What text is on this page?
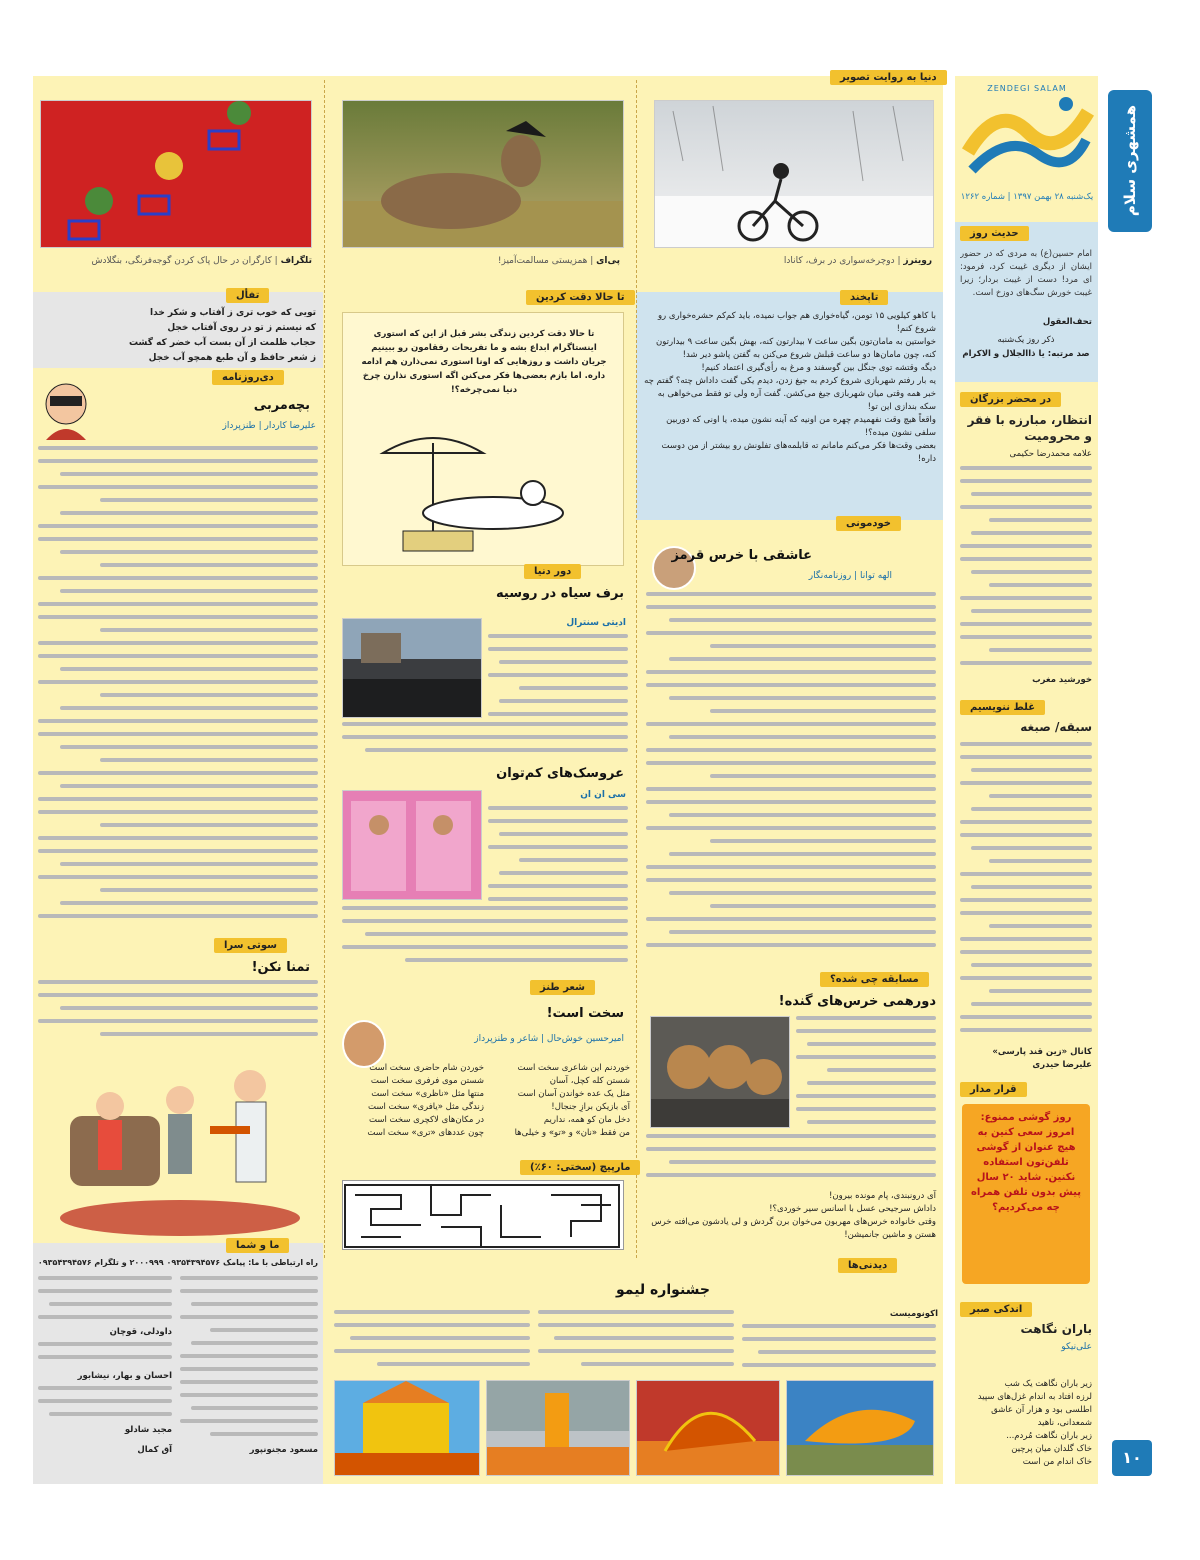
همشهری سلام
ZENDEGI SALAM
یک‌شنبه ۲۸ بهمن ۱۳۹۷ | شماره ۱۲۶۲
دنیا به روایت تصویر
رویترز | دوچرخه‌سواری در برف، کانادا
پی‌ای | همزیستی مسالمت‌آمیز!
تلگراف | کارگران در حال پاک کردن گوجه‌فرنگی، بنگلادش
حدیث روز
امام حسین(ع) به مردی که در حضور ایشان از دیگری غیبت کرد، فرمود: ای مرد! دست از غیبت بردار؛ زیرا غیبت خورش سگ‌های دوزخ است.
تحف‌العقول
ذکر روز یک‌شنبه
صد مرتبه: یا ذاالجلال و الاکرام
در محضر بزرگان
انتظار، مبارزه با فقر و محرومیت
علامه محمدرضا حکیمی
خورشید مغرب
غلط ننویسیم
سبقه/ صبغه
کانال «زین قند پارسی» علیرضا حیدری
قرار مدار
روز گوشی ممنوع: امروز سعی کنین به هیچ عنوان از گوشی تلفن‌تون استفاده نکنین. شاید ۲۰ سال پیش بدون تلفن همراه چه می‌کردیم؟
اندکی صبر
باران نگاهت
علی‌نیکو
زیر باران نگاهت یک شب
لرزه افتاد به اندام غزل‌های سپید
اطلسی بود و هزار آن عاشق
شمعدانی، ناهید
زیر باران نگاهت مُردم...
خاک گلدان میان پرچین
خاک اندام من است
تاپخند
با کاهو کیلویی ۱۵ تومن، گیاه‌خواری هم جواب نمیده، باید کم‌کم حشره‌خواری رو شروع کنم!
خواستین به مامان‌تون بگین ساعت ۷ بیدارتون کنه، بهش بگین ساعت ۹ بیدارتون کنه، چون مامان‌ها دو ساعت قبلش شروع می‌کنن به گفتن پاشو دیر شد!
دیگه وقتشه توی جنگل بین گوسفند و مرغ به رأی‌گیری اعتماد کنیم!
یه بار رفتم شهربازی شروع کردم به جیغ زدن، دیدم یکی گفت داداش چته؟ گفتم چه خبر همه وقتی میان شهربازی جیغ می‌کشن. گفت آره ولی تو فقط می‌خواهی به سکه بندازی این تو!
واقعاً هیچ وقت نفهمیدم چهره من اونیه که آینه نشون میده، یا اونی که دوربین سلفی نشون میده؟!
بعضی وقت‌ها فکر می‌کنم مامانم ته قابلمه‌های تفلونش رو بیشتر از من دوست داره!
خودمونی
عاشقی با خرس قرمز
الهه توانا | روزنامه‌نگار
مسابقه چی شده؟
دورهمی خرس‌های گنده!
آی درونبندی، پام مونده بیرون!
داداش سرجیحی عسل با اسانس سیر خوردی؟!
وقتی خانواده خرس‌های مهربون می‌خوان برن گردش و لی یادشون می‌افته خرس هستن و ماشین جانمیشن!
تا حالا دقت کردین
تا حالا دقت کردین زندگی بشر قبل از این که استوری اینستاگرام ابداع بشه و ما تفریحات رفقامون رو ببینیم جریان داشت و روزهایی که اونا استوری نمی‌ذارن هم ادامه داره. اما بازم بعضی‌ها فکر می‌کنن اگه استوری نذارن چرخ دنیا نمی‌چرخه؟!
دور دنیا
برف سیاه در روسیه
ادیتی سنترال
عروسک‌های کم‌توان
سی ان ان
شعر طنز
سخت است!
امیرحسین خوش‌حال | شاعر و طنزپرداز
خوردنم این شاعری سخت است
شستن کله کچل، آسان
مثل یک عده خواندن آسان است
آی بازیکن برازِ جنجال!
دخل مان کو همه، نداریم
من فقط «نان» و «تو» و خیلی‌ها
خوردن شام حاضری سخت است
شستن موی فرفری سخت است
منتها مثل «ناظری» سخت است
زندگی مثل «یافری» سخت است
در مکان‌های لاکچری سخت است
چون عددهای «تری» سخت است
مارپیچ (سختی: ۶۰٪)
تفأل
تویی که خوب تری ز آفتاب و شکر خدا
که نیستم ز تو در روی آفتاب خجل
حجاب ظلمت از آن بست آب خضر که گشت
ز شعر حافظ و آن طبع همچو آب خجل
دی‌روزنامه
بچه‌مربی
علیرضا کاردار | طنزپرداز
سوتی سرا
تمنا نکن!
ما و شما
راه ارتباطی با ما: پیامک ۰۹۳۵۴۳۹۴۵۷۶ ۲۰۰۰۹۹۹ و تلگرام ۰۹۳۵۴۳۹۴۵۷۶
داودلی، قوچان
احسان و بهار، نیشابور
مجید شادلو
آق کمال	مسعود مجنونپور
دیدنی‌ها
جشنواره لیمو
اکونومیست
۱۰
